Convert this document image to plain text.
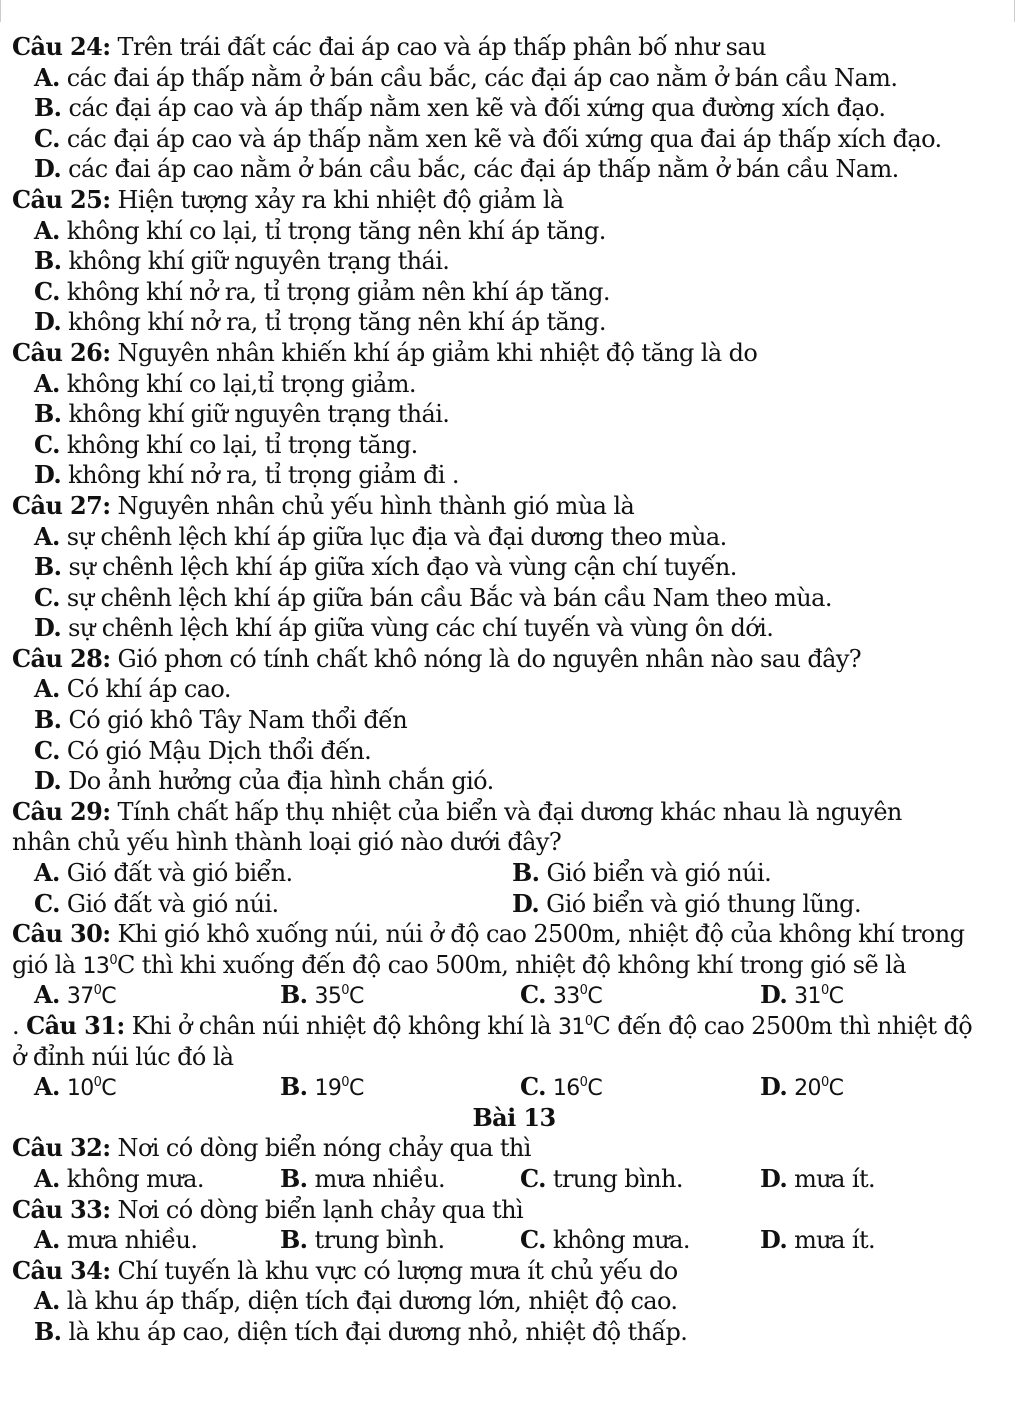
Câu 24: Trên trái đất các đai áp cao và áp thấp phân bố như sau
A. các đai áp thấp nằm ở bán cầu bắc, các đại áp cao nằm ở bán cầu Nam.
B. các đại áp cao và áp thấp nằm xen kẽ và đối xứng qua đường xích đạo.
C. các đại áp cao và áp thấp nằm xen kẽ và đối xứng qua đai áp thấp xích đạo.
D. các đai áp cao nằm ở bán cầu bắc, các đại áp thấp nằm ở bán cầu Nam.
Câu 25: Hiện tượng xảy ra khi nhiệt độ giảm là
A. không khí co lại, tỉ trọng tăng nên khí áp tăng.
B. không khí giữ nguyên trạng thái.
C. không khí nở ra, tỉ trọng giảm nên khí áp tăng.
D. không khí nở ra, tỉ trọng tăng nên khí áp tăng.
Câu 26: Nguyên nhân khiến khí áp giảm khi nhiệt độ tăng là do
A. không khí co lại,tỉ trọng giảm.
B. không khí giữ nguyên trạng thái.
C. không khí co lại, tỉ trọng tăng.
D. không khí nở ra, tỉ trọng giảm đi .
Câu 27: Nguyên nhân chủ yếu hình thành gió mùa là
A. sự chênh lệch khí áp giữa lục địa và đại dương theo mùa.
B. sự chênh lệch khí áp giữa xích đạo và vùng cận chí tuyến.
C. sự chênh lệch khí áp giữa bán cầu Bắc và bán cầu Nam theo mùa.
D. sự chênh lệch khí áp giữa vùng các chí tuyến và vùng ôn dới.
Câu 28: Gió phơn có tính chất khô nóng là do nguyên nhân nào sau đây?
A. Có khí áp cao.
B. Có gió khô Tây Nam thổi đến
C. Có gió Mậu Dịch thổi đến.
D. Do ảnh hưởng của địa hình chắn gió.
Câu 29: Tính chất hấp thụ nhiệt của biển và đại dương khác nhau là nguyên
nhân chủ yếu hình thành loại gió nào dưới đây?
A. Gió đất và gió biển.	B. Gió biển và gió núi.
C. Gió đất và gió núi.	D. Gió biển và gió thung lũng.
Câu 30: Khi gió khô xuống núi, núi ở độ cao 2500m, nhiệt độ của không khí trong
gió là $13^0C$ thì khi xuống đến độ cao 500m, nhiệt độ không khí trong gió sẽ là
A. $37^0C$	B. $35^0C$	C. $33^0C$	D. $31^0C$
. Câu 31: Khi ở chân núi nhiệt độ không khí là $31^0C$ đến độ cao 2500m thì nhiệt độ
ở đỉnh núi lúc đó là
A. $10^0C$	B. $19^0C$	C. $16^0C$	D. $20^0C$
Bài 13
Câu 32: Nơi có dòng biển nóng chảy qua thì
A. không mưa.	B. mưa nhiều.	C. trung bình.	D. mưa ít.
Câu 33: Nơi có dòng biển lạnh chảy qua thì
A. mưa nhiều.	B. trung bình.	C. không mưa.	D. mưa ít.
Câu 34: Chí tuyến là khu vực có lượng mưa ít chủ yếu do
A. là khu áp thấp, diện tích đại dương lớn, nhiệt độ cao.
B. là khu áp cao, diện tích đại dương nhỏ, nhiệt độ thấp.
